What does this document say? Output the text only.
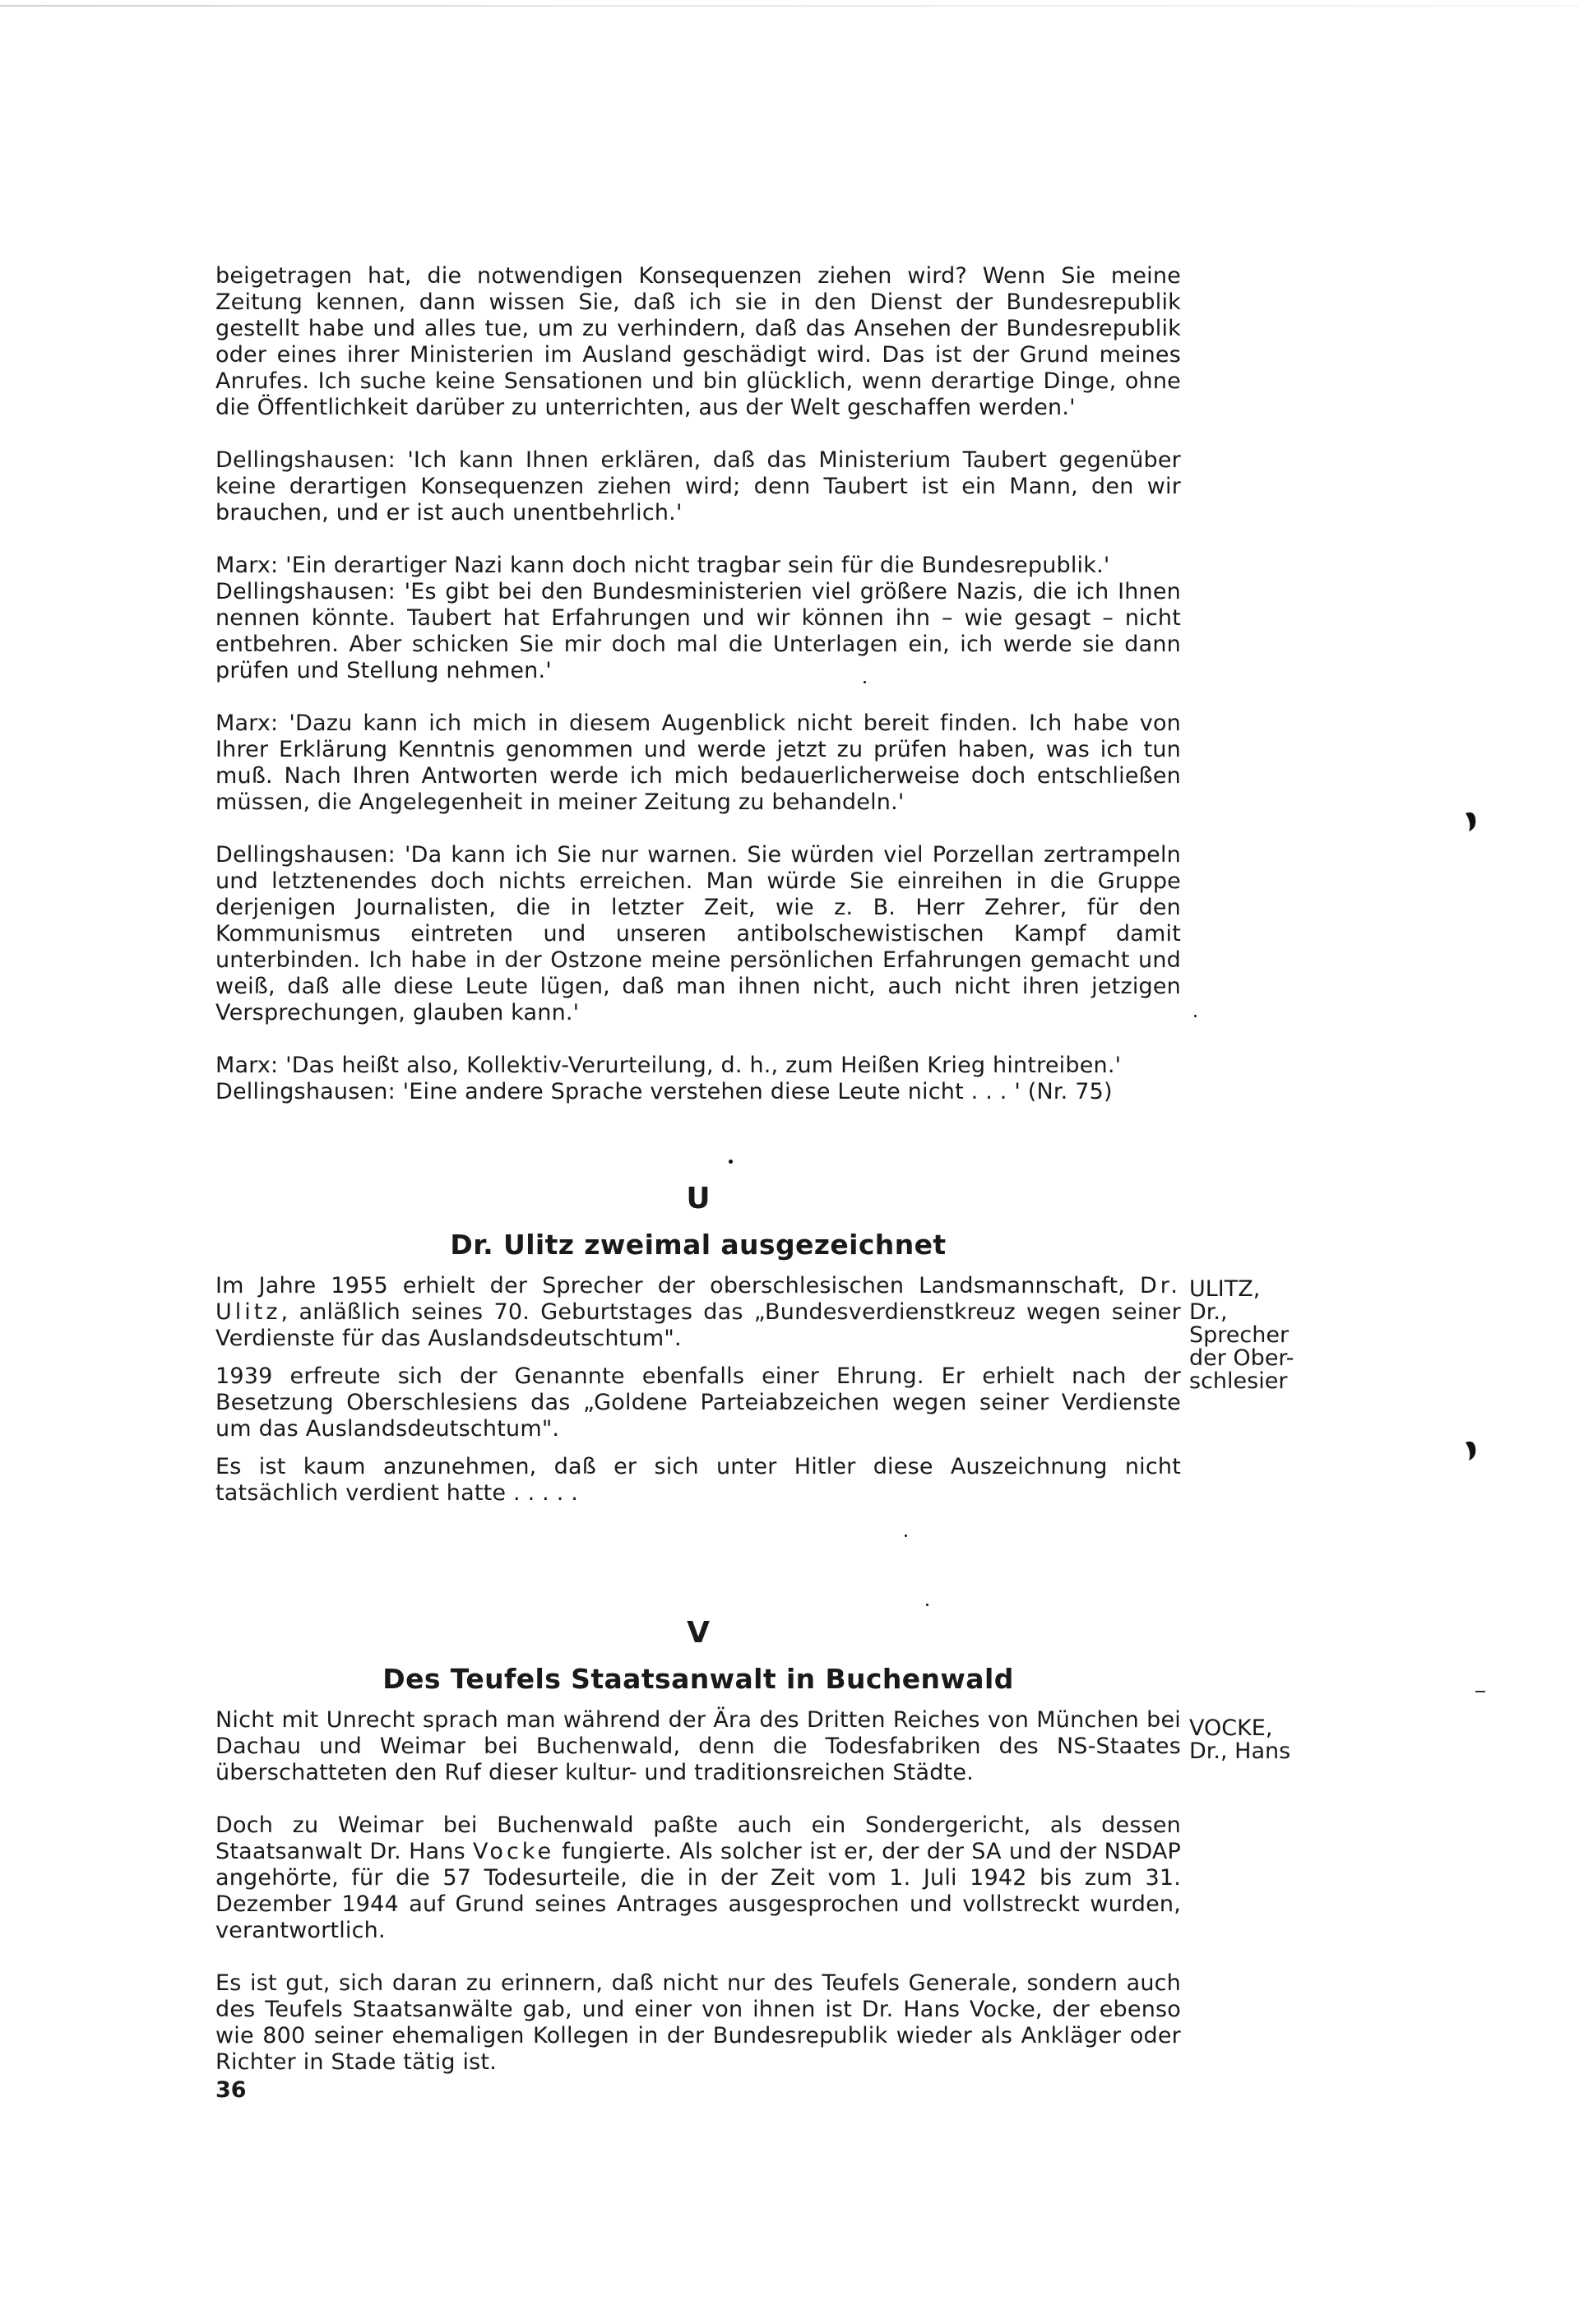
beigetragen hat, die notwendigen Konsequenzen ziehen wird? Wenn Sie meine Zeitung kennen, dann wissen Sie, daß ich sie in den Dienst der Bundesrepublik gestellt habe und alles tue, um zu verhindern, daß das Ansehen der Bundesrepublik oder eines ihrer Ministerien im Ausland geschädigt wird. Das ist der Grund meines Anrufes. Ich suche keine Sensationen und bin glücklich, wenn derartige Dinge, ohne die Öffentlichkeit darüber zu unterrichten, aus der Welt geschaffen werden.'

Dellingshausen: 'Ich kann Ihnen erklären, daß das Ministerium Taubert gegenüber keine derartigen Konsequenzen ziehen wird; denn Taubert ist ein Mann, den wir brauchen, und er ist auch unentbehrlich.'

Marx: 'Ein derartiger Nazi kann doch nicht tragbar sein für die Bundesrepublik.'

Dellingshausen: 'Es gibt bei den Bundesministerien viel größere Nazis, die ich Ihnen nennen könnte. Taubert hat Erfahrungen und wir können ihn – wie gesagt – nicht entbehren. Aber schicken Sie mir doch mal die Unterlagen ein, ich werde sie dann prüfen und Stellung nehmen.'

Marx: 'Dazu kann ich mich in diesem Augenblick nicht bereit finden. Ich habe von Ihrer Erklärung Kenntnis genommen und werde jetzt zu prüfen haben, was ich tun muß. Nach Ihren Antworten werde ich mich bedauerlicherweise doch entschließen müssen, die Angelegenheit in meiner Zeitung zu behandeln.'

Dellingshausen: 'Da kann ich Sie nur warnen. Sie würden viel Porzellan zertrampeln und letztenendes doch nichts erreichen. Man würde Sie einreihen in die Gruppe derjenigen Journalisten, die in letzter Zeit, wie z. B. Herr Zehrer, für den Kommunismus eintreten und unseren antibolschewistischen Kampf damit unterbinden. Ich habe in der Ostzone meine persönlichen Erfahrungen gemacht und weiß, daß alle diese Leute lügen, daß man ihnen nicht, auch nicht ihren jetzigen Versprechungen, glauben kann.'

Marx: 'Das heißt also, Kollektiv-Verurteilung, d. h., zum Heißen Krieg hintreiben.'

Dellingshausen: 'Eine andere Sprache verstehen diese Leute nicht . . . ' (Nr. 75)

U
Dr. Ulitz zweimal ausgezeichnet

Im Jahre 1955 erhielt der Sprecher der oberschlesischen Landsmannschaft, Dr. Ulitz, anläßlich seines 70. Geburtstages das „Bundesverdienstkreuz wegen seiner Verdienste für das Auslandsdeutschtum".

1939 erfreute sich der Genannte ebenfalls einer Ehrung. Er erhielt nach der Besetzung Oberschlesiens das „Goldene Parteiabzeichen wegen seiner Verdienste um das Auslandsdeutschtum".

Es ist kaum anzunehmen, daß er sich unter Hitler diese Auszeichnung nicht tatsächlich verdient hatte . . . . .

ULITZ,
Dr.,
Sprecher
der Ober-
schlesier
V
Des Teufels Staatsanwalt in Buchenwald

Nicht mit Unrecht sprach man während der Ära des Dritten Reiches von München bei Dachau und Weimar bei Buchenwald, denn die Todesfabriken des NS-Staates überschatteten den Ruf dieser kultur- und traditionsreichen Städte.

Doch zu Weimar bei Buchenwald paßte auch ein Sondergericht, als dessen Staatsanwalt Dr. Hans Vocke fungierte. Als solcher ist er, der der SA und der NSDAP angehörte, für die 57 Todesurteile, die in der Zeit vom 1. Juli 1942 bis zum 31. Dezember 1944 auf Grund seines Antrages ausgesprochen und vollstreckt wurden, verantwortlich.

Es ist gut, sich daran zu erinnern, daß nicht nur des Teufels Generale, sondern auch des Teufels Staatsanwälte gab, und einer von ihnen ist Dr. Hans Vocke, der ebenso wie 800 seiner ehemaligen Kollegen in der Bundesrepublik wieder als Ankläger oder Richter in Stade tätig ist.

VOCKE,
Dr., Hans
36
